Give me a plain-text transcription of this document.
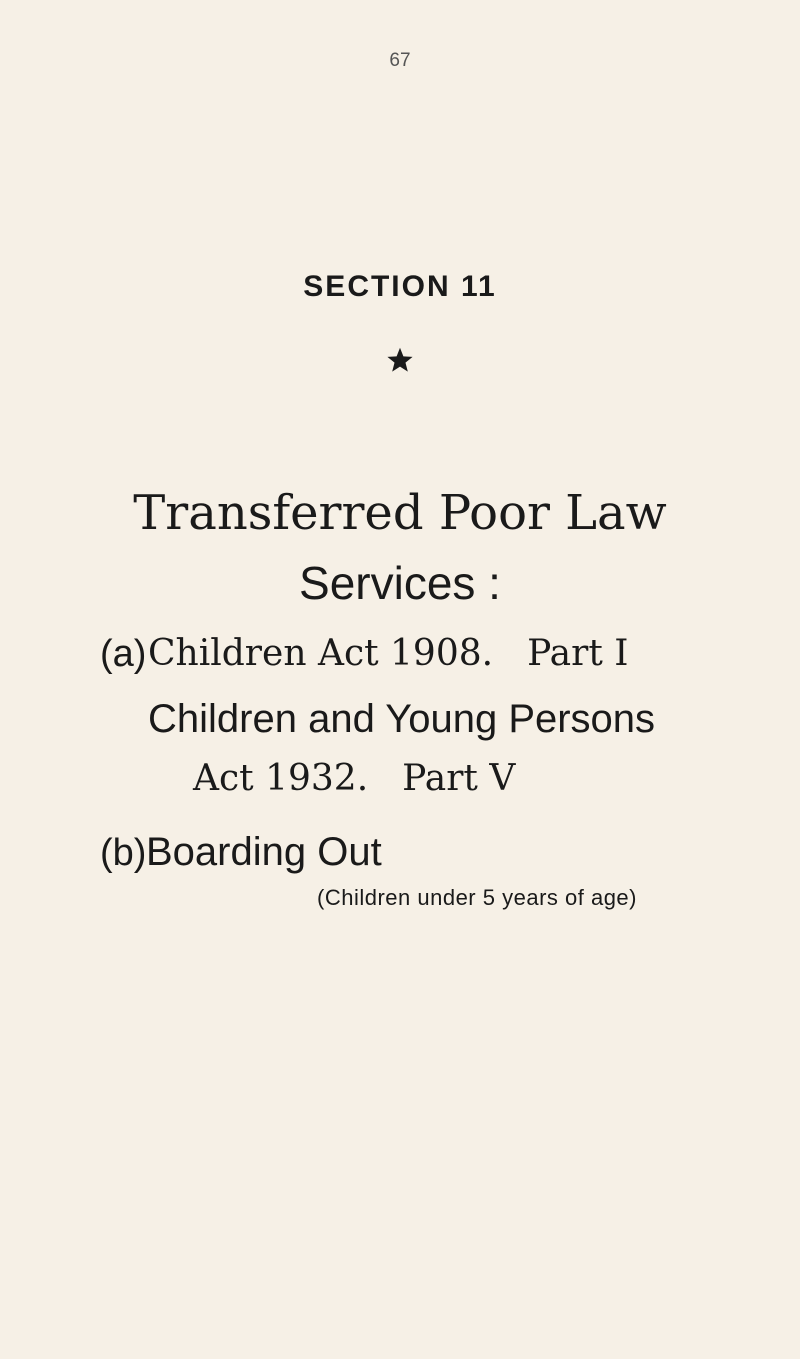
67
SECTION 11
Transferred Poor Law
Services :
(a) Children Act 1908. Part I
Children and Young Persons
Act 1932. Part V
(b) Boarding Out
(Children under 5 years of age)
